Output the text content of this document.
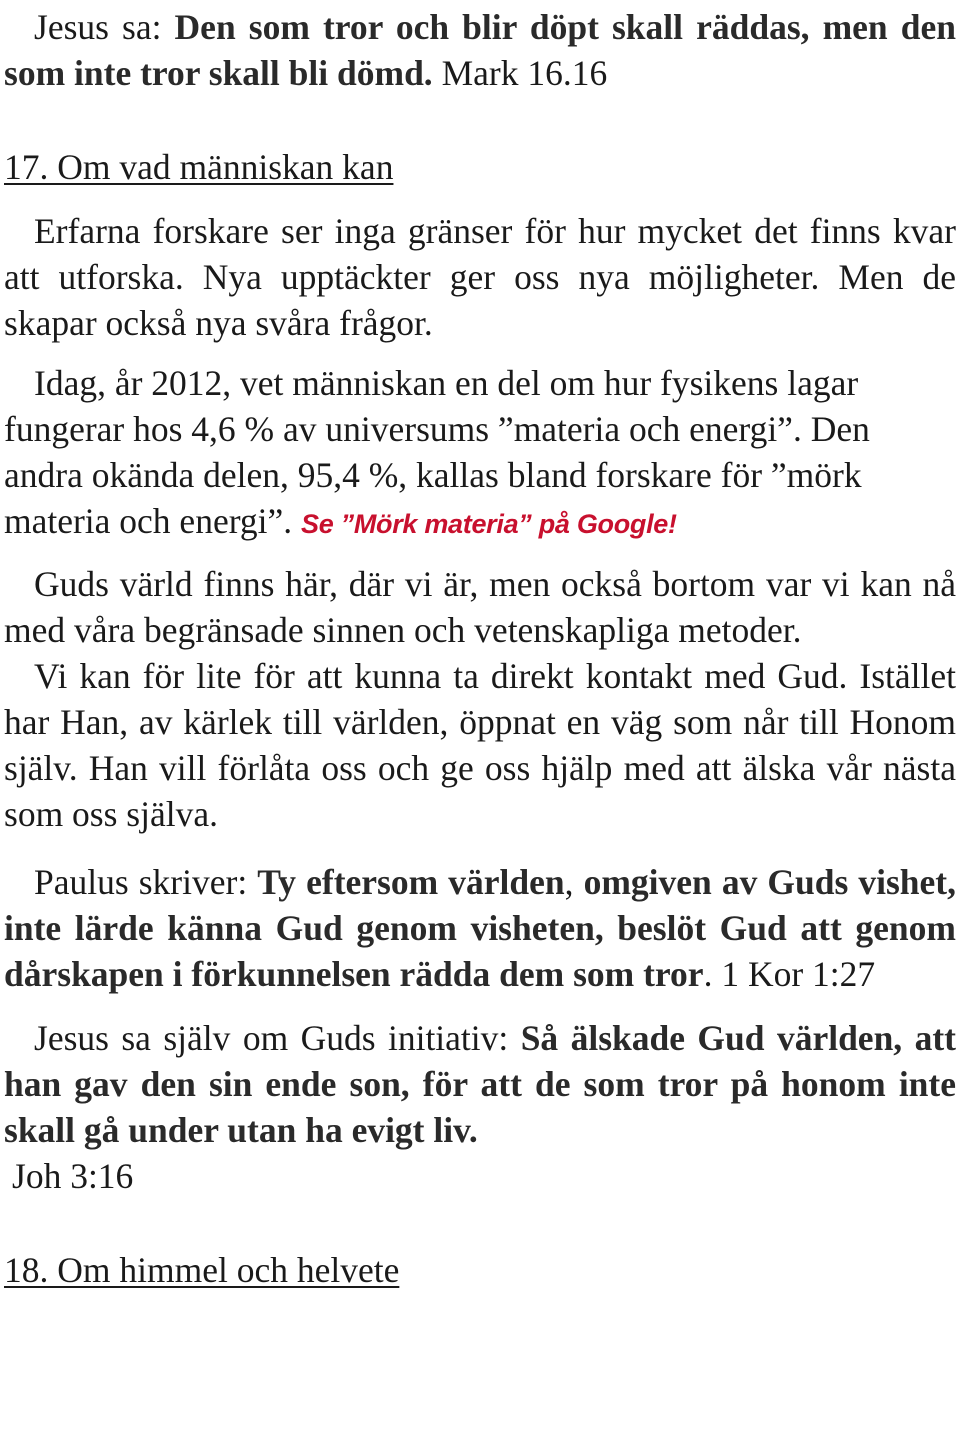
Jesus sa: Den som tror och blir döpt skall räddas, men den som inte tror skall bli dömd. Mark 16.16

17. Om vad människan kan

Erfarna forskare ser inga gränser för hur mycket det finns kvar att utforska. Nya upptäckter ger oss nya möjligheter. Men de skapar också nya svåra frågor.

Idag, år 2012, vet människan en del om hur fysikens lagar fungerar hos 4,6 % av universums ”materia och energi”. Den andra okända delen, 95,4 %, kallas bland forskare för ”mörk materia och energi”. Se ”Mörk materia” på Google!

Guds värld finns här, där vi är, men också bortom var vi kan nå med våra begränsade sinnen och vetenskapliga metoder.

Vi kan för lite för att kunna ta direkt kontakt med Gud. Istället har Han, av kärlek till världen, öppnat en väg som når till Honom själv. Han vill förlåta oss och ge oss hjälp med att älska vår nästa som oss själva.

Paulus skriver: Ty eftersom världen, omgiven av Guds vishet, inte lärde känna Gud genom visheten, beslöt Gud att genom dårskapen i förkunnelsen rädda dem som tror. 1 Kor 1:27

Jesus sa själv om Guds initiativ: Så älskade Gud världen, att han gav den sin ende son, för att de som tror på honom inte skall gå under utan ha evigt liv.

Joh 3:16

18. Om himmel och helvete
